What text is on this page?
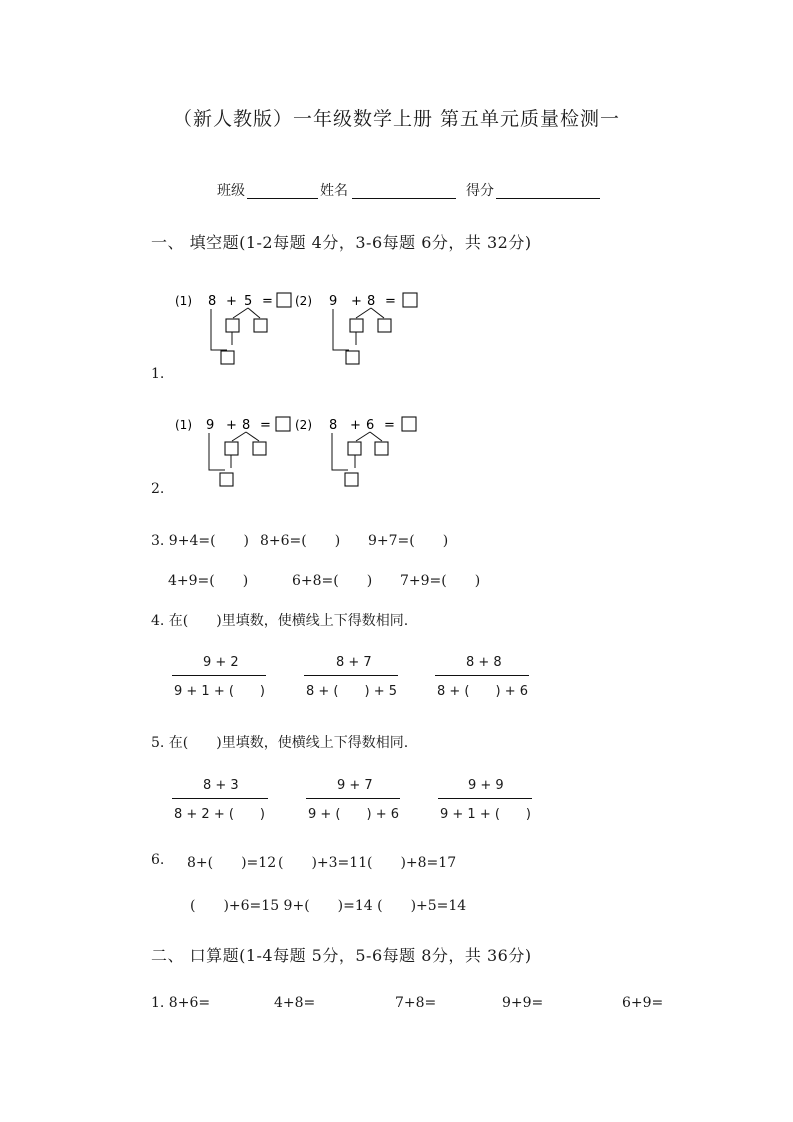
（新人教版）一年级数学上册 第五单元质量检测一
班级	姓名	得分
一、 填空题(1-2每题 4分，3-6每题 6分，共 32分)
(1) 8 + 5 = (2) 9 + 8 =
1.
(1) 9 + 8 = (2) 8 + 6 =
2.
3. 9+4=(　　) 8+6=(　　) 9+7=(　　)
4+9=(　　)	6+8=(　　) 7+9=(　　)
4. 在(　　)里填数，使横线上下得数相同.
9 + 2
9 + 1 + (　　)
8 + 7
8 + (　　) + 5
8 + 8
8 + (　　) + 6
5. 在(　　)里填数，使横线上下得数相同.
8 + 3
8 + 2 + (　　)
9 + 7
9 + (　　) + 6
9 + 9
9 + 1 + (　　)
6. 8+(　　)=12 (　　)+3=11 (　　)+8=17
(　　)+6=15 9+(　　)=14 (　　)+5=14
二、 口算题(1-4每题 5分，5-6每题 8分，共 36分)
1. 8+6=	4+8=	7+8=	9+9=	6+9=
